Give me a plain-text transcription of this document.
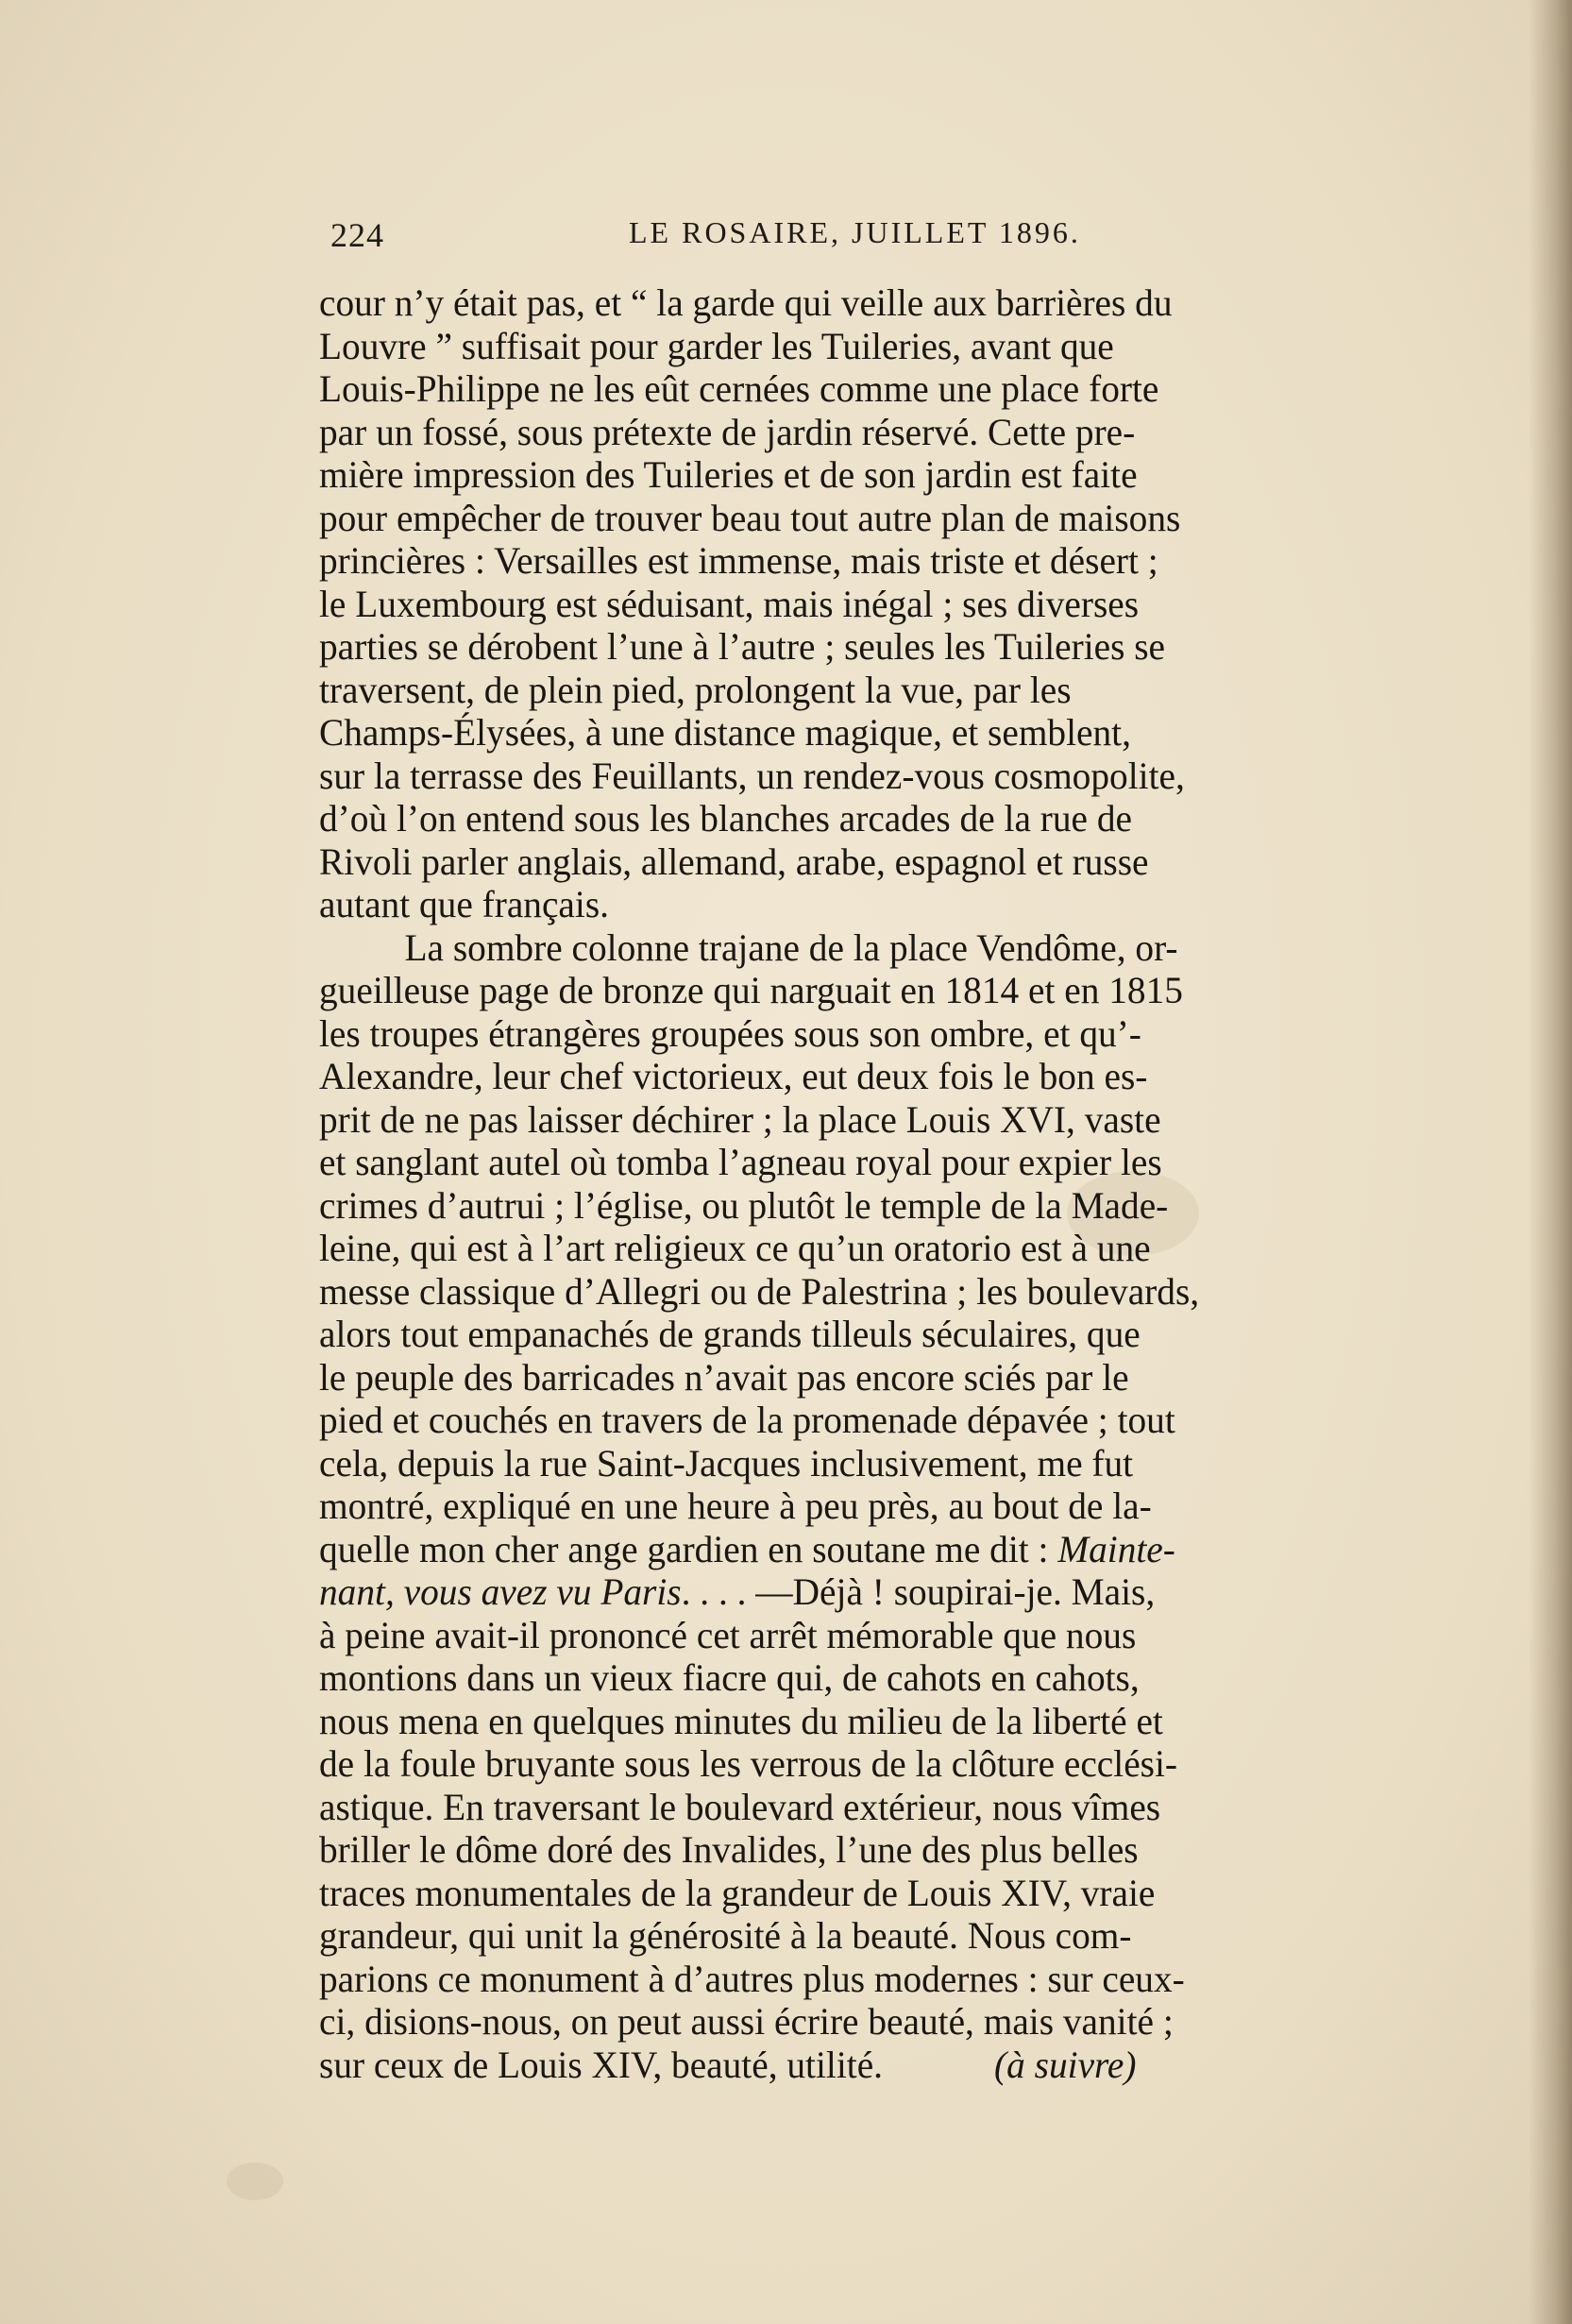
224	LE ROSAIRE, JUILLET 1896.
cour n’y était pas, et “ la garde qui veille aux barrières du
Louvre ” suffisait pour garder les Tuileries, avant que
Louis-Philippe ne les eût cernées comme une place forte
par un fossé, sous prétexte de jardin réservé. Cette pre-
mière impression des Tuileries et de son jardin est faite
pour empêcher de trouver beau tout autre plan de maisons
princières : Versailles est immense, mais triste et désert ;
le Luxembourg est séduisant, mais inégal ; ses diverses
parties se dérobent l’une à l’autre ; seules les Tuileries se
traversent, de plein pied, prolongent la vue, par les
Champs-Élysées, à une distance magique, et semblent,
sur la terrasse des Feuillants, un rendez-vous cosmopolite,
d’où l’on entend sous les blanches arcades de la rue de
Rivoli parler anglais, allemand, arabe, espagnol et russe
autant que français.
La sombre colonne trajane de la place Vendôme, or-
gueilleuse page de bronze qui narguait en 1814 et en 1815
les troupes étrangères groupées sous son ombre, et qu’-
Alexandre, leur chef victorieux, eut deux fois le bon es-
prit de ne pas laisser déchirer ; la place Louis XVI, vaste
et sanglant autel où tomba l’agneau royal pour expier les
crimes d’autrui ; l’église, ou plutôt le temple de la Made-
leine, qui est à l’art religieux ce qu’un oratorio est à une
messe classique d’Allegri ou de Palestrina ; les boulevards,
alors tout empanachés de grands tilleuls séculaires, que
le peuple des barricades n’avait pas encore sciés par le
pied et couchés en travers de la promenade dépavée ; tout
cela, depuis la rue Saint-Jacques inclusivement, me fut
montré, expliqué en une heure à peu près, au bout de la-
quelle mon cher ange gardien en soutane me dit : Mainte-
nant, vous avez vu Paris. . . . —Déjà ! soupirai-je. Mais,
à peine avait-il prononcé cet arrêt mémorable que nous
montions dans un vieux fiacre qui, de cahots en cahots,
nous mena en quelques minutes du milieu de la liberté et
de la foule bruyante sous les verrous de la clôture ecclési-
astique. En traversant le boulevard extérieur, nous vîmes
briller le dôme doré des Invalides, l’une des plus belles
traces monumentales de la grandeur de Louis XIV, vraie
grandeur, qui unit la générosité à la beauté. Nous com-
parions ce monument à d’autres plus modernes : sur ceux-
ci, disions-nous, on peut aussi écrire beauté, mais vanité ;
sur ceux de Louis XIV, beauté, utilité.	(à suivre)
